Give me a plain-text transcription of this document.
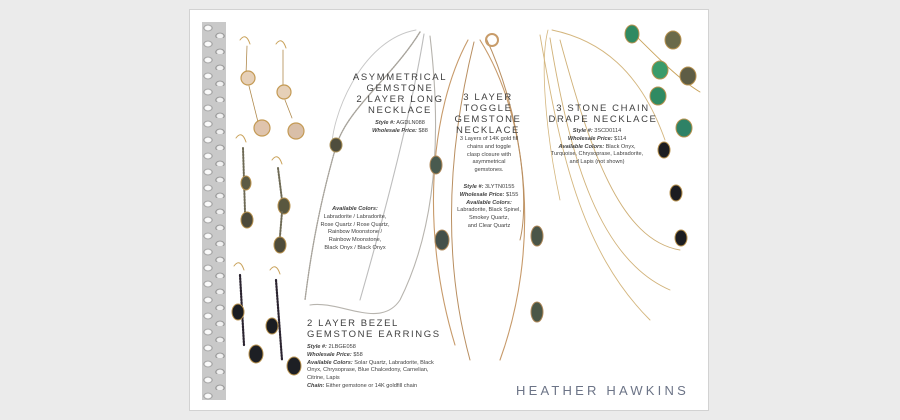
ASYMMETRICAL
GEMSTONE
2 LAYER LONG
NECKLACE
Style #: AGDLN088
Wholesale Price: $88
Available Colors:
Labradorite / Labradorite,
Rose Quartz / Rose Quartz,
Rainbow Moonstone /
Rainbow Moonstone,
Black Onyx / Black Onyx
3 LAYER
TOGGLE
GEMSTONE
NECKLACE
3 Layers of 14K gold fill
chains and toggle
clasp closure with
asymmetrical
gemstones.
Style #: 3LYTN0155
Wholesale Price: $155
Available Colors:
Labradorite, Black Spinel,
Smokey Quartz,
and Clear Quartz
3 STONE CHAIN
DRAPE NECKLACE
Style #: 3SCD0114
Wholesale Price: $114
Available Colors: Black Onyx,
Turquoise, Chrysoprase, Labradorite,
and Lapis (not shown)
2 LAYER BEZEL
GEMSTONE EARRINGS
Style #: 2LBGE058
Wholesale Price: $58
Available Colors: Solar Quartz, Labradorite, Black
Onyx, Chrysoprase, Blue Chalcedony, Carnelian,
Citrine, Lapis
Chain: Either gemstone or 14K goldfill chain	HEATHER HAWKINS
